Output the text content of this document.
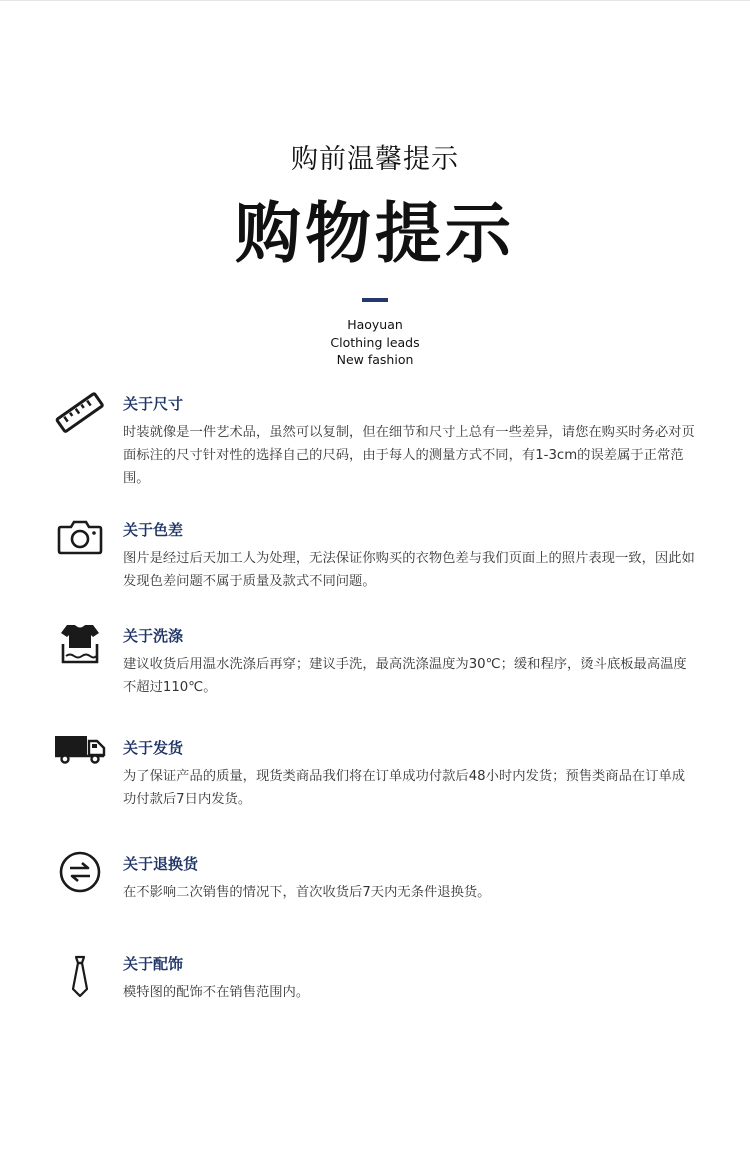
购前温馨提示
购物提示
Haoyuan
Clothing leads
New fashion
关于尺寸
时装就像是一件艺术品，虽然可以复制，但在细节和尺寸上总有一些差异，请您在购买时务必对页面标注的尺寸针对性的选择自己的尺码，由于每人的测量方式不同，有1-3cm的误差属于正常范围。
关于色差
图片是经过后天加工人为处理，无法保证你购买的衣物色差与我们页面上的照片表现一致，因此如发现色差问题不属于质量及款式不同问题。
关于洗涤
建议收货后用温水洗涤后再穿；建议手洗，最高洗涤温度为30℃；缓和程序，烫斗底板最高温度不超过110℃。
关于发货
为了保证产品的质量，现货类商品我们将在订单成功付款后48小时内发货；预售类商品在订单成功付款后7日内发货。
关于退换货
在不影响二次销售的情况下，首次收货后7天内无条件退换货。
关于配饰
模特图的配饰不在销售范围内。
